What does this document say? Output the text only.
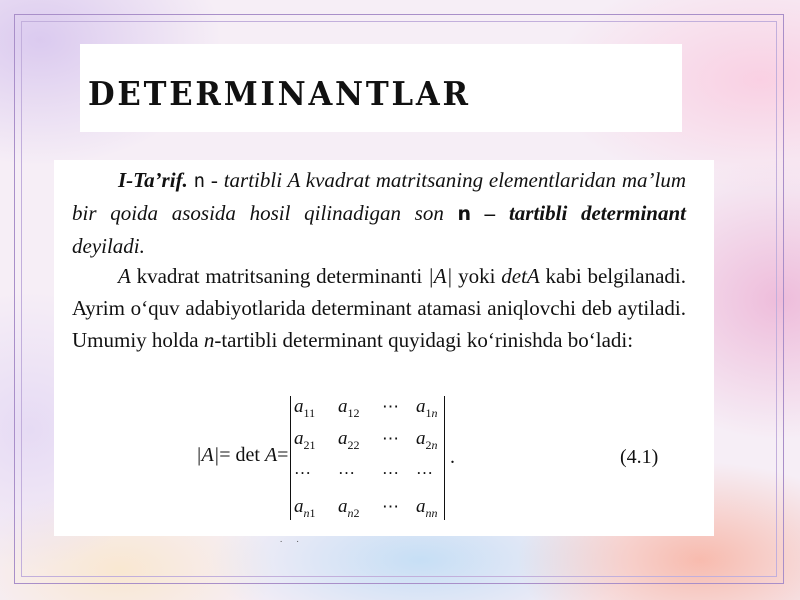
DETERMINANTLAR
I-Ta’rif. n - tartibli A kvadrat matritsaning elementlaridan ma’lum bir qoida asosida hosil qilinadigan son n – tartibli determinant deyiladi.
A kvadrat matritsaning determinanti |A| yoki detA kabi belgilanadi. Ayrim o‘quv adabiyotlarida determinant atamasi aniqlovchi deb aytiladi. Umumiy holda n-tartibli determinant quyidagi ko‘rinishda bo‘ladi:
|A|= det A=
$a_{11}$ $a_{12}$ ⋯ $a_{1n}$
$a_{21}$ $a_{22}$ ⋯ $a_{2n}$
… … … …
$a_{n1}$ $a_{n2}$ ⋯ $a_{nn}$
.	(4.1)
. .
